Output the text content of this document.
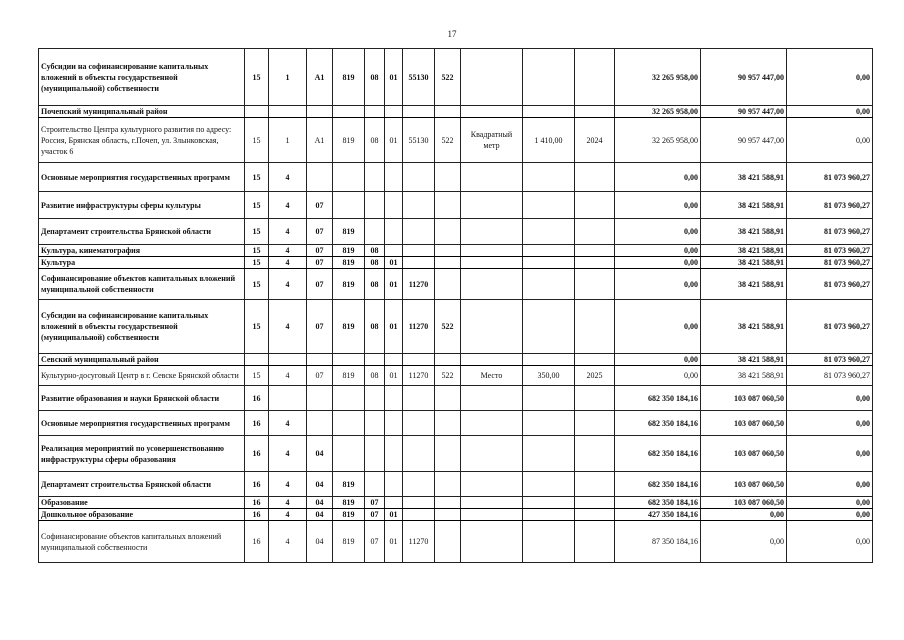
17
Субсидии на софинансирование капитальных вложений в объекты государственной (муниципальной) собственности	15	1	А1	819	08	01	55130	522				32 265 958,00	90 957 447,00	0,00
Почепский муниципальный район												32 265 958,00	90 957 447,00	0,00
Строительство Центра культурного развития по адресу: Россия, Брянская область, г.Почеп, ул. Злынковская, участок 6	15	1	А1	819	08	01	55130	522	Квадратный метр	1 410,00	2024	32 265 958,00	90 957 447,00	0,00
Основные мероприятия государственных программ	15	4										0,00	38 421 588,91	81 073 960,27
Развитие инфраструктуры сферы культуры	15	4	07									0,00	38 421 588,91	81 073 960,27
Департамент строительства Брянской области	15	4	07	819								0,00	38 421 588,91	81 073 960,27
Культура, кинематография	15	4	07	819	08							0,00	38 421 588,91	81 073 960,27
Культура	15	4	07	819	08	01						0,00	38 421 588,91	81 073 960,27
Софинансирование объектов капитальных вложений муниципальной собственности	15	4	07	819	08	01	11270					0,00	38 421 588,91	81 073 960,27
Субсидии на софинансирование капитальных вложений в объекты государственной (муниципальной) собственности	15	4	07	819	08	01	11270	522				0,00	38 421 588,91	81 073 960,27
Севский муниципальный район												0,00	38 421 588,91	81 073 960,27
Культурно-досуговый Центр в г. Севске Брянской области	15	4	07	819	08	01	11270	522	Место	350,00	2025	0,00	38 421 588,91	81 073 960,27
Развитие образования и науки Брянской области	16											682 350 184,16	103 087 060,50	0,00
Основные мероприятия государственных программ	16	4										682 350 184,16	103 087 060,50	0,00
Реализация мероприятий по усовершенствованию инфраструктуры сферы образования	16	4	04									682 350 184,16	103 087 060,50	0,00
Департамент строительства Брянской области	16	4	04	819								682 350 184,16	103 087 060,50	0,00
Образование	16	4	04	819	07							682 350 184,16	103 087 060,50	0,00
Дошкольное образование	16	4	04	819	07	01						427 350 184,16	0,00	0,00
Софинансирование объектов капитальных вложений муниципальной собственности	16	4	04	819	07	01	11270					87 350 184,16	0,00	0,00
